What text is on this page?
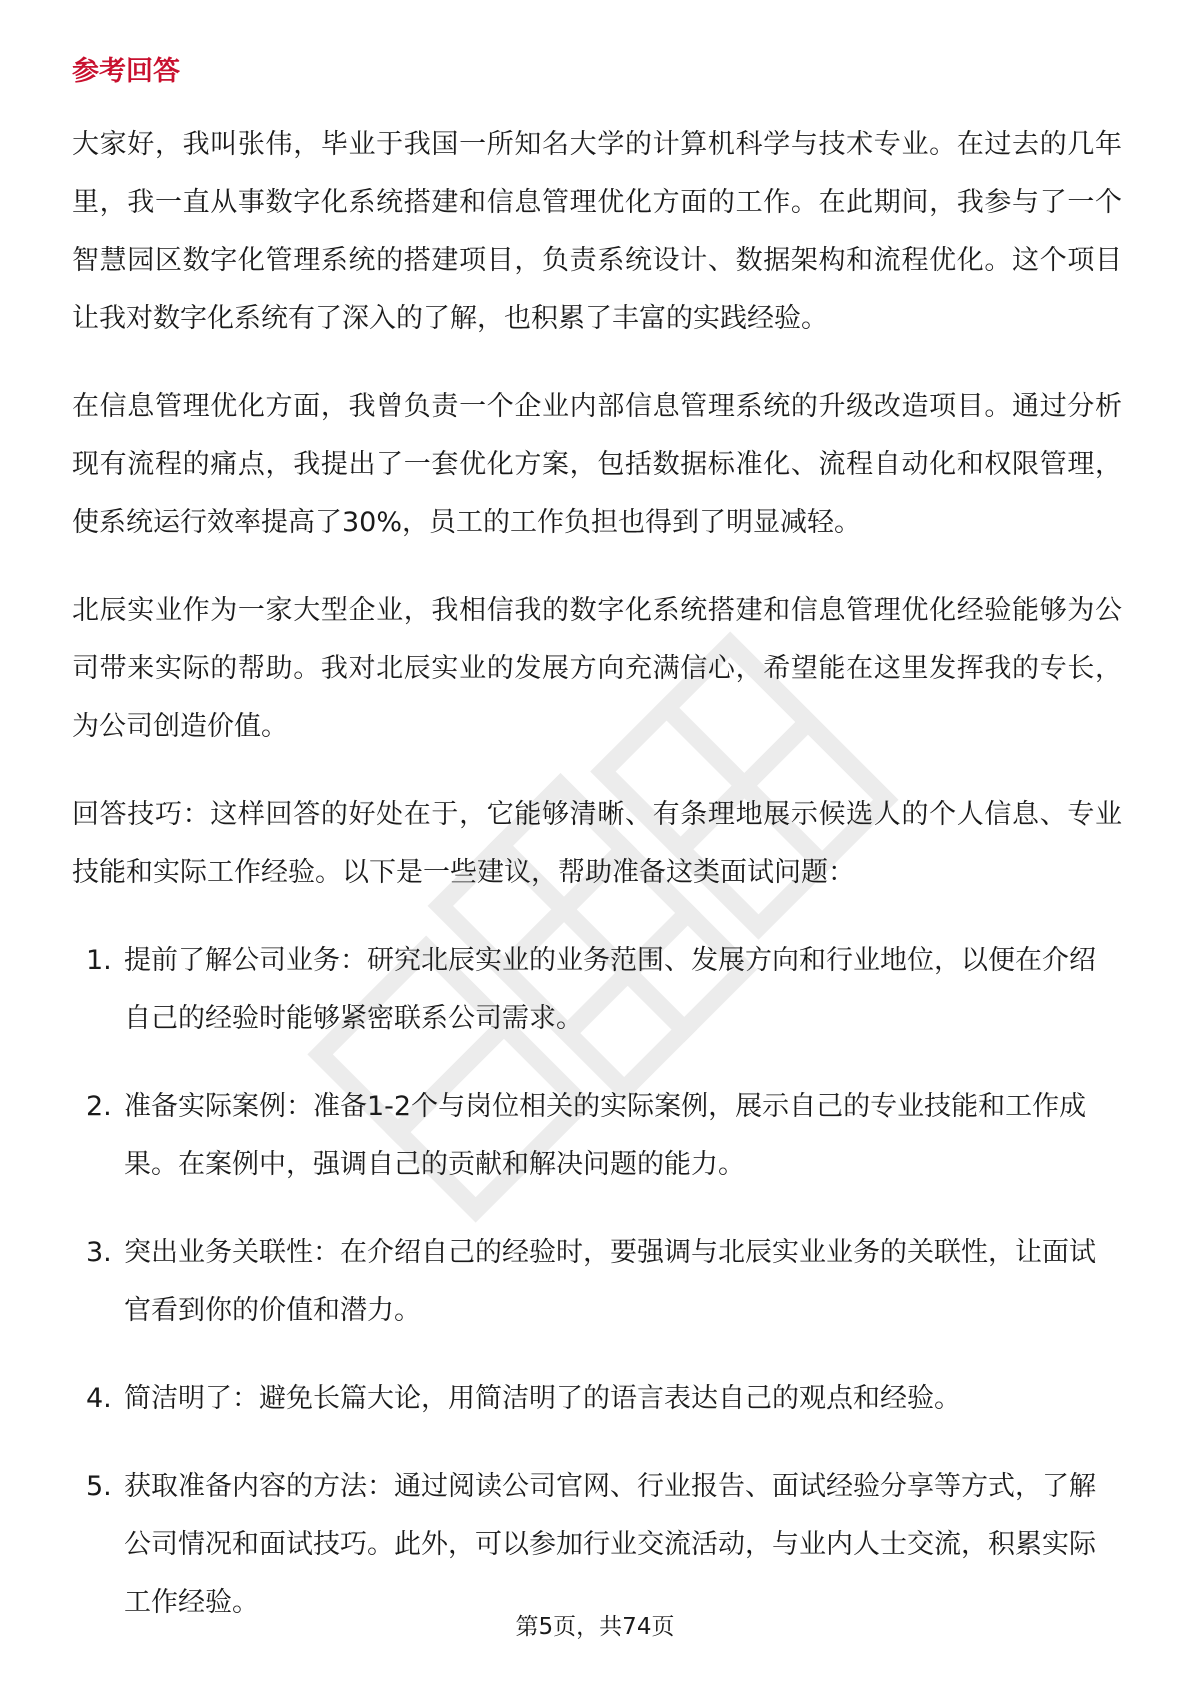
参考回答

大家好，我叫张伟，毕业于我国一所知名大学的计算机科学与技术专业。在过去的几年里，我一直从事数字化系统搭建和信息管理优化方面的工作。在此期间，我参与了一个智慧园区数字化管理系统的搭建项目，负责系统设计、数据架构和流程优化。这个项目让我对数字化系统有了深入的了解，也积累了丰富的实践经验。

在信息管理优化方面，我曾负责一个企业内部信息管理系统的升级改造项目。通过分析现有流程的痛点，我提出了一套优化方案，包括数据标准化、流程自动化和权限管理，使系统运行效率提高了30%，员工的工作负担也得到了明显减轻。

北辰实业作为一家大型企业，我相信我的数字化系统搭建和信息管理优化经验能够为公司带来实际的帮助。我对北辰实业的发展方向充满信心，希望能在这里发挥我的专长，为公司创造价值。

回答技巧：这样回答的好处在于，它能够清晰、有条理地展示候选人的个人信息、专业技能和实际工作经验。以下是一些建议，帮助准备这类面试问题：

1. 提前了解公司业务：研究北辰实业的业务范围、发展方向和行业地位，以便在介绍自己的经验时能够紧密联系公司需求。
2. 准备实际案例：准备1-2个与岗位相关的实际案例，展示自己的专业技能和工作成果。在案例中，强调自己的贡献和解决问题的能力。
3. 突出业务关联性：在介绍自己的经验时，要强调与北辰实业业务的关联性，让面试官看到你的价值和潜力。
4. 简洁明了：避免长篇大论，用简洁明了的语言表达自己的观点和经验。
5. 获取准备内容的方法：通过阅读公司官网、行业报告、面试经验分享等方式，了解公司情况和面试技巧。此外，可以参加行业交流活动，与业内人士交流，积累实际工作经验。
第5页，共74页
